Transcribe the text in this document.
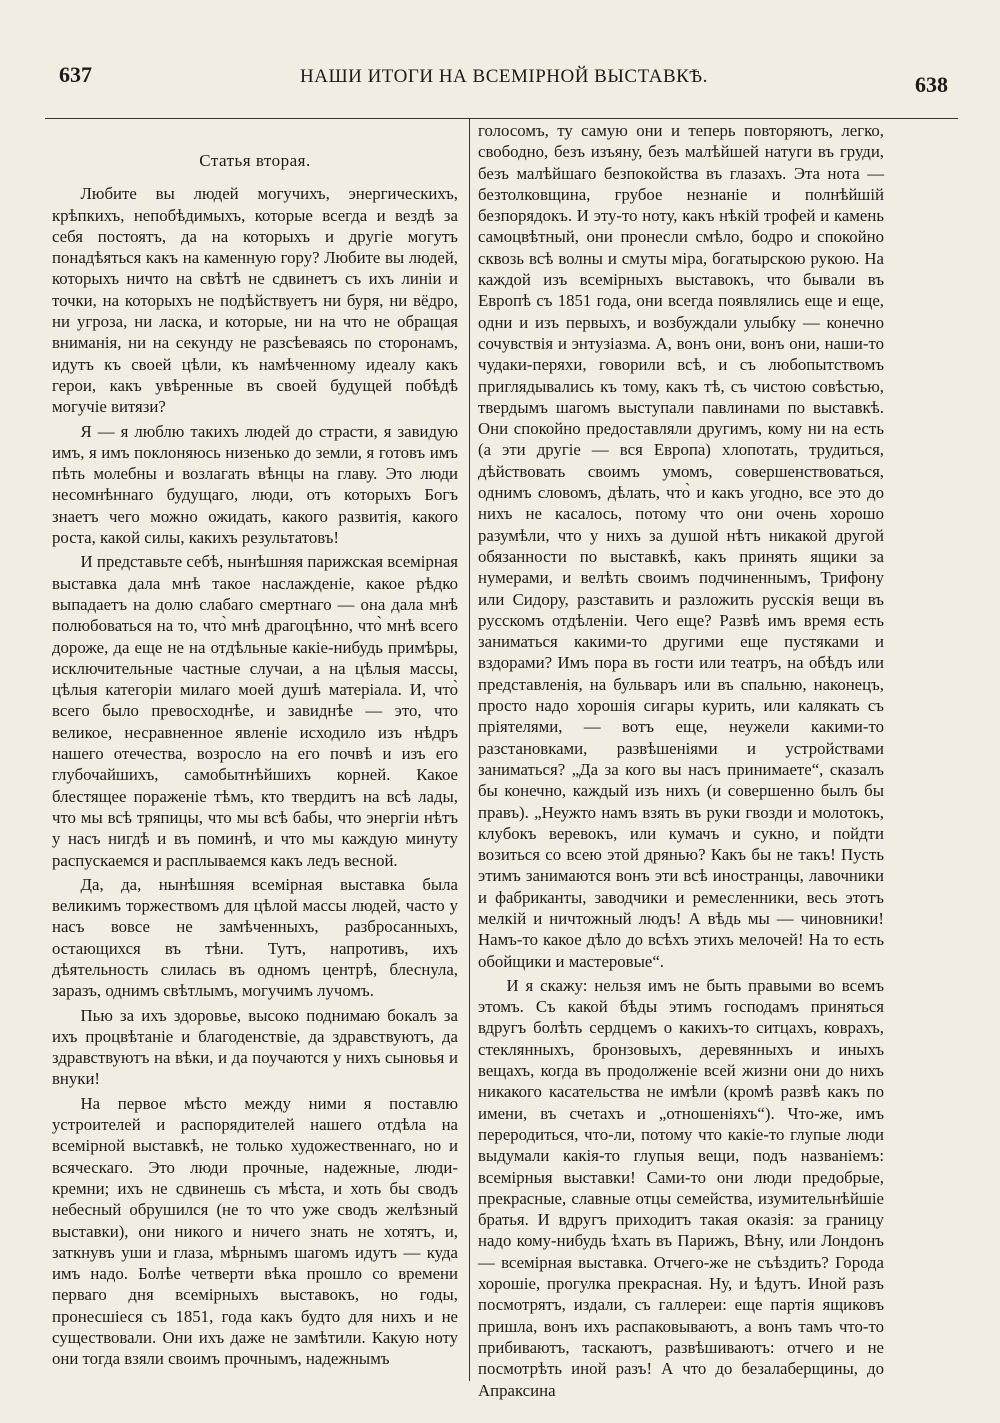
637	НАШИ ИТОГИ НА ВСЕМІРНОЙ ВЫСТАВКѢ.	638
Статья вторая.

Любите вы людей могучихъ, энергическихъ, крѣпкихъ, непобѣдимыхъ, которые всегда и вездѣ за себя постоятъ, да на которыхъ и другіе могутъ понадѣяться какъ на каменную гору? Любите вы людей, которыхъ ничто на свѣтѣ не сдвинетъ съ ихъ линіи и точки, на которыхъ не подѣйствуетъ ни буря, ни вёдро, ни угроза, ни ласка, и которые, ни на что не обращая вниманія, ни на секунду не разсѣеваясь по сторонамъ, идутъ къ своей цѣли, къ намѣченному идеалу какъ герои, какъ увѣренные въ своей будущей побѣдѣ могучіе витязи?

Я — я люблю такихъ людей до страсти, я завидую имъ, я имъ поклоняюсь низенько до земли, я готовъ имъ пѣть молебны и возлагать вѣнцы на главу. Это люди несомнѣннаго будущаго, люди, отъ которыхъ Богъ знаетъ чего можно ожидать, какого развитія, какого роста, какой силы, какихъ результатовъ!

И представьте себѣ, нынѣшняя парижская всемірная выставка дала мнѣ такое наслажденіе, какое рѣдко выпадаетъ на долю слабаго смертнаго — она дала мнѣ полюбоваться на то, что̀ мнѣ драгоцѣнно, что̀ мнѣ всего дороже, да еще не на отдѣльные какіе-нибудь примѣры, исключительные частные случаи, а на цѣлыя массы, цѣлыя категоріи милаго моей душѣ матеріала. И, что̀ всего было превосходнѣе, и завиднѣе — это, что великое, несравненное явленіе исходило изъ нѣдръ нашего отечества, возросло на его почвѣ и изъ его глубочайшихъ, самобытнѣйшихъ корней. Какое блестящее пораженіе тѣмъ, кто твердитъ на всѣ лады, что мы всѣ тряпицы, что мы всѣ бабы, что энергіи нѣтъ у насъ нигдѣ и въ поминѣ, и что мы каждую минуту распускаемся и расплываемся какъ ледъ весной.

Да, да, нынѣшняя всемірная выставка была великимъ торжествомъ для цѣлой массы людей, часто у насъ вовсе не замѣченныхъ, разбросанныхъ, остающихся въ тѣни. Тутъ, напротивъ, ихъ дѣятельность слилась въ одномъ центрѣ, блеснула, заразъ, однимъ свѣтлымъ, могучимъ лучомъ.

Пью за ихъ здоровье, высоко поднимаю бокалъ за ихъ процвѣтаніе и благоденствіе, да здравствуютъ, да здравствуютъ на вѣки, и да поучаются у нихъ сыновья и внуки!

На первое мѣсто между ними я поставлю устроителей и распорядителей нашего отдѣла на всемірной выставкѣ, не только художественнаго, но и всяческаго. Это люди прочные, надежные, люди-кремни; ихъ не сдвинешь съ мѣста, и хоть бы сводъ небесный обрушился (не то что уже сводъ желѣзный выставки), они никого и ничего знать не хотятъ, и, заткнувъ уши и глаза, мѣрнымъ шагомъ идутъ — куда имъ надо. Болѣе четверти вѣка прошло со времени перваго дня всемірныхъ выставокъ, но годы, пронесшіеся съ 1851, года какъ будто для нихъ и не существовали. Они ихъ даже не замѣтили. Какую ноту они тогда взяли своимъ прочнымъ, надежнымъ

голосомъ, ту самую они и теперь повторяютъ, легко, свободно, безъ изъяну, безъ малѣйшей натуги въ груди, безъ малѣйшаго безпокойства въ глазахъ. Эта нота — безтолковщина, грубое незнаніе и полнѣйшій безпорядокъ. И эту-то ноту, какъ нѣкій трофей и камень самоцвѣтный, они пронесли смѣло, бодро и спокойно сквозь всѣ волны и смуты міра, богатырскою рукою. На каждой изъ всемірныхъ выставокъ, что бывали въ Европѣ съ 1851 года, они всегда появлялись еще и еще, одни и изъ первыхъ, и возбуждали улыбку — конечно сочувствія и энтузіазма. А, вонъ они, вонъ они, наши-то чудаки-перяхи, говорили всѣ, и съ любопытствомъ приглядывались къ тому, какъ тѣ, съ чистою совѣстью, твердымъ шагомъ выступали павлинами по выставкѣ. Они спокойно предоставляли другимъ, кому ни на есть (а эти другіе — вся Европа) хлопотать, трудиться, дѣйствовать своимъ умомъ, совершенствоваться, однимъ словомъ, дѣлать, что̀ и какъ угодно, все это до нихъ не касалось, потому что они очень хорошо разумѣли, что у нихъ за душой нѣтъ никакой другой обязанности по выставкѣ, какъ принять ящики за нумерами, и велѣть своимъ подчиненнымъ, Трифону или Сидору, разставить и разложить русскія вещи въ русскомъ отдѣленіи. Чего еще? Развѣ имъ время есть заниматься какими-то другими еще пустяками и вздорами? Имъ пора въ гости или театръ, на обѣдъ или представленія, на бульваръ или въ спальню, наконецъ, просто надо хорошія сигары курить, или калякать съ пріятелями, — вотъ еще, неужели какими-то разстановками, развѣшеніями и устройствами заниматься? „Да за кого вы насъ принимаете“, сказалъ бы конечно, каждый изъ нихъ (и совершенно былъ бы правъ). „Неужто намъ взять въ руки гвозди и молотокъ, клубокъ веревокъ, или кумачъ и сукно, и пойдти возиться со всею этой дрянью? Какъ бы не такъ! Пусть этимъ занимаются вонъ эти всѣ иностранцы, лавочники и фабриканты, заводчики и ремесленники, весь этотъ мелкій и ничтожный людъ! А вѣдь мы — чиновники! Намъ-то какое дѣло до всѣхъ этихъ мелочей! На то есть обойщики и мастеровые“.

И я скажу: нельзя имъ не быть правыми во всемъ этомъ. Съ какой бѣды этимъ господамъ приняться вдругъ болѣть сердцемъ о какихъ-то ситцахъ, коврахъ, стеклянныхъ, бронзовыхъ, деревянныхъ и иныхъ вещахъ, когда въ продолженіе всей жизни они до нихъ никакого касательства не имѣли (кромѣ развѣ какъ по имени, въ счетахъ и „отношеніяхъ“). Что-же, имъ переродиться, что-ли, потому что какіе-то глупые люди выдумали какія-то глупыя вещи, подъ названіемъ: всемірныя выставки! Сами-то они люди предобрые, прекрасные, славные отцы семейства, изумительнѣйшіе братья. И вдругъ приходитъ такая оказія: за границу надо кому-нибудь ѣхать въ Парижъ, Вѣну, или Лондонъ — всемірная выставка. Отчего-же не съѣздить? Города хорошіе, прогулка прекрасная. Ну, и ѣдутъ. Иной разъ посмотрятъ, издали, съ галлереи: еще партія ящиковъ пришла, вонъ ихъ распаковываютъ, а вонъ тамъ что-то прибиваютъ, таскаютъ, развѣшиваютъ: отчего и не посмотрѣть иной разъ! А что до безалаберщины, до Апраксина
